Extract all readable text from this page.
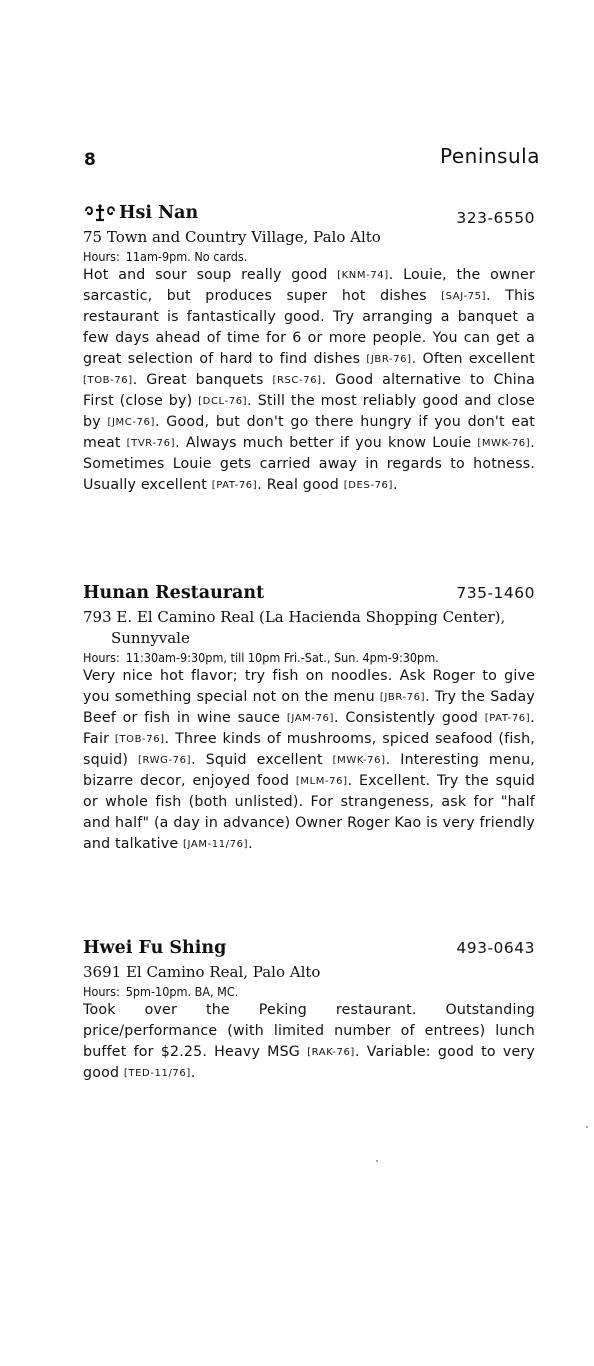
8	Peninsula
Hsi Nan	323-6550
75 Town and Country Village, Palo Alto
Hours: 11am-9pm. No cards.
Hot and sour soup really good [KNM-74]. Louie, the owner sarcastic, but produces super hot dishes [SAJ-75]. This restaurant is fantastically good. Try arranging a banquet a few days ahead of time for 6 or more people. You can get a great selection of hard to find dishes [JBR-76]. Often excellent [TOB-76]. Great banquets [RSC-76]. Good alternative to China First (close by) [DCL-76]. Still the most reliably good and close by [JMC-76]. Good, but don't go there hungry if you don't eat meat [TVR-76]. Always much better if you know Louie [MWK-76]. Sometimes Louie gets carried away in regards to hotness. Usually excellent [PAT-76]. Real good [DES-76].
Hunan Restaurant	735-1460
793 E. El Camino Real (La Hacienda Shopping Center), Sunnyvale
Hours: 11:30am-9:30pm, till 10pm Fri.-Sat., Sun. 4pm-9:30pm.
Very nice hot flavor; try fish on noodles. Ask Roger to give you something special not on the menu [JBR-76]. Try the Saday Beef or fish in wine sauce [JAM-76]. Consistently good [PAT-76]. Fair [TOB-76]. Three kinds of mushrooms, spiced seafood (fish, squid) [RWG-76]. Squid excellent [MWK-76]. Interesting menu, bizarre decor, enjoyed food [MLM-76]. Excellent. Try the squid or whole fish (both unlisted). For strangeness, ask for "half and half" (a day in advance) Owner Roger Kao is very friendly and talkative [JAM-11/76].
Hwei Fu Shing	493-0643
3691 El Camino Real, Palo Alto
Hours: 5pm-10pm. BA, MC.
Took over the Peking restaurant. Outstanding price/performance (with limited number of entrees) lunch buffet for $2.25. Heavy MSG [RAK-76]. Variable: good to very good [TED-11/76].
